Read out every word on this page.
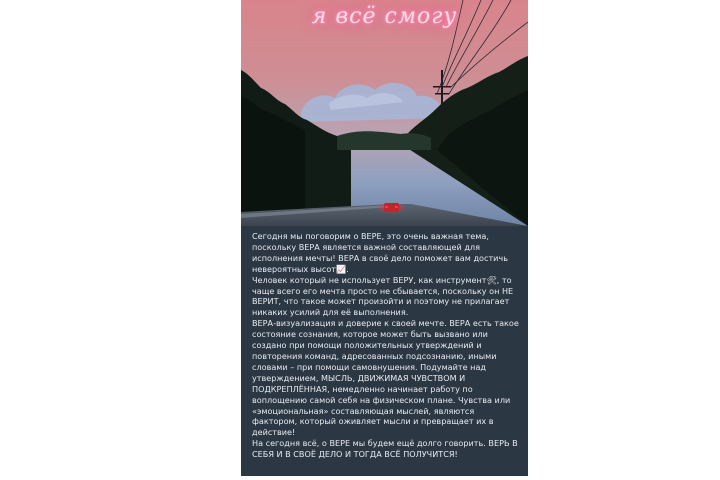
я всё смогу

Сегодня мы поговорим о ВЕРЕ, это очень важная тема, поскольку ВЕРА является важной составляющей для исполнения мечты! ВЕРА в своё дело поможет вам достичь невероятных высот📈.

Человек который не использует ВЕРУ, как инструмент🛠, то чаще всего его мечта просто не сбывается, поскольку он НЕ ВЕРИТ, что такое может произойти и поэтому не прилагает никаких усилий для её выполнения.

ВЕРА-визуализация и доверие к своей мечте. ВЕРА есть такое состояние сознания, которое может быть вызвано или создано при помощи положительных утверждений и повторения команд, адресованных подсознанию, иными словами – при помощи самовнушения. Подумайте над утверждением, МЫСЛЬ, ДВИЖИМАЯ ЧУВСТВОМ И ПОДКРЕПЛЁННАЯ, немедленно начинает работу по воплощению самой себя на физическом плане. Чувства или «эмоциональная» составляющая мыслей, являются фактором, который оживляет мысли и превращает их в действие!

На сегодня всё, о ВЕРЕ мы будем ещё долго говорить. ВЕРЬ В СЕБЯ И В СВОЁ ДЕЛО И ТОГДА ВСЁ ПОЛУЧИТСЯ!
